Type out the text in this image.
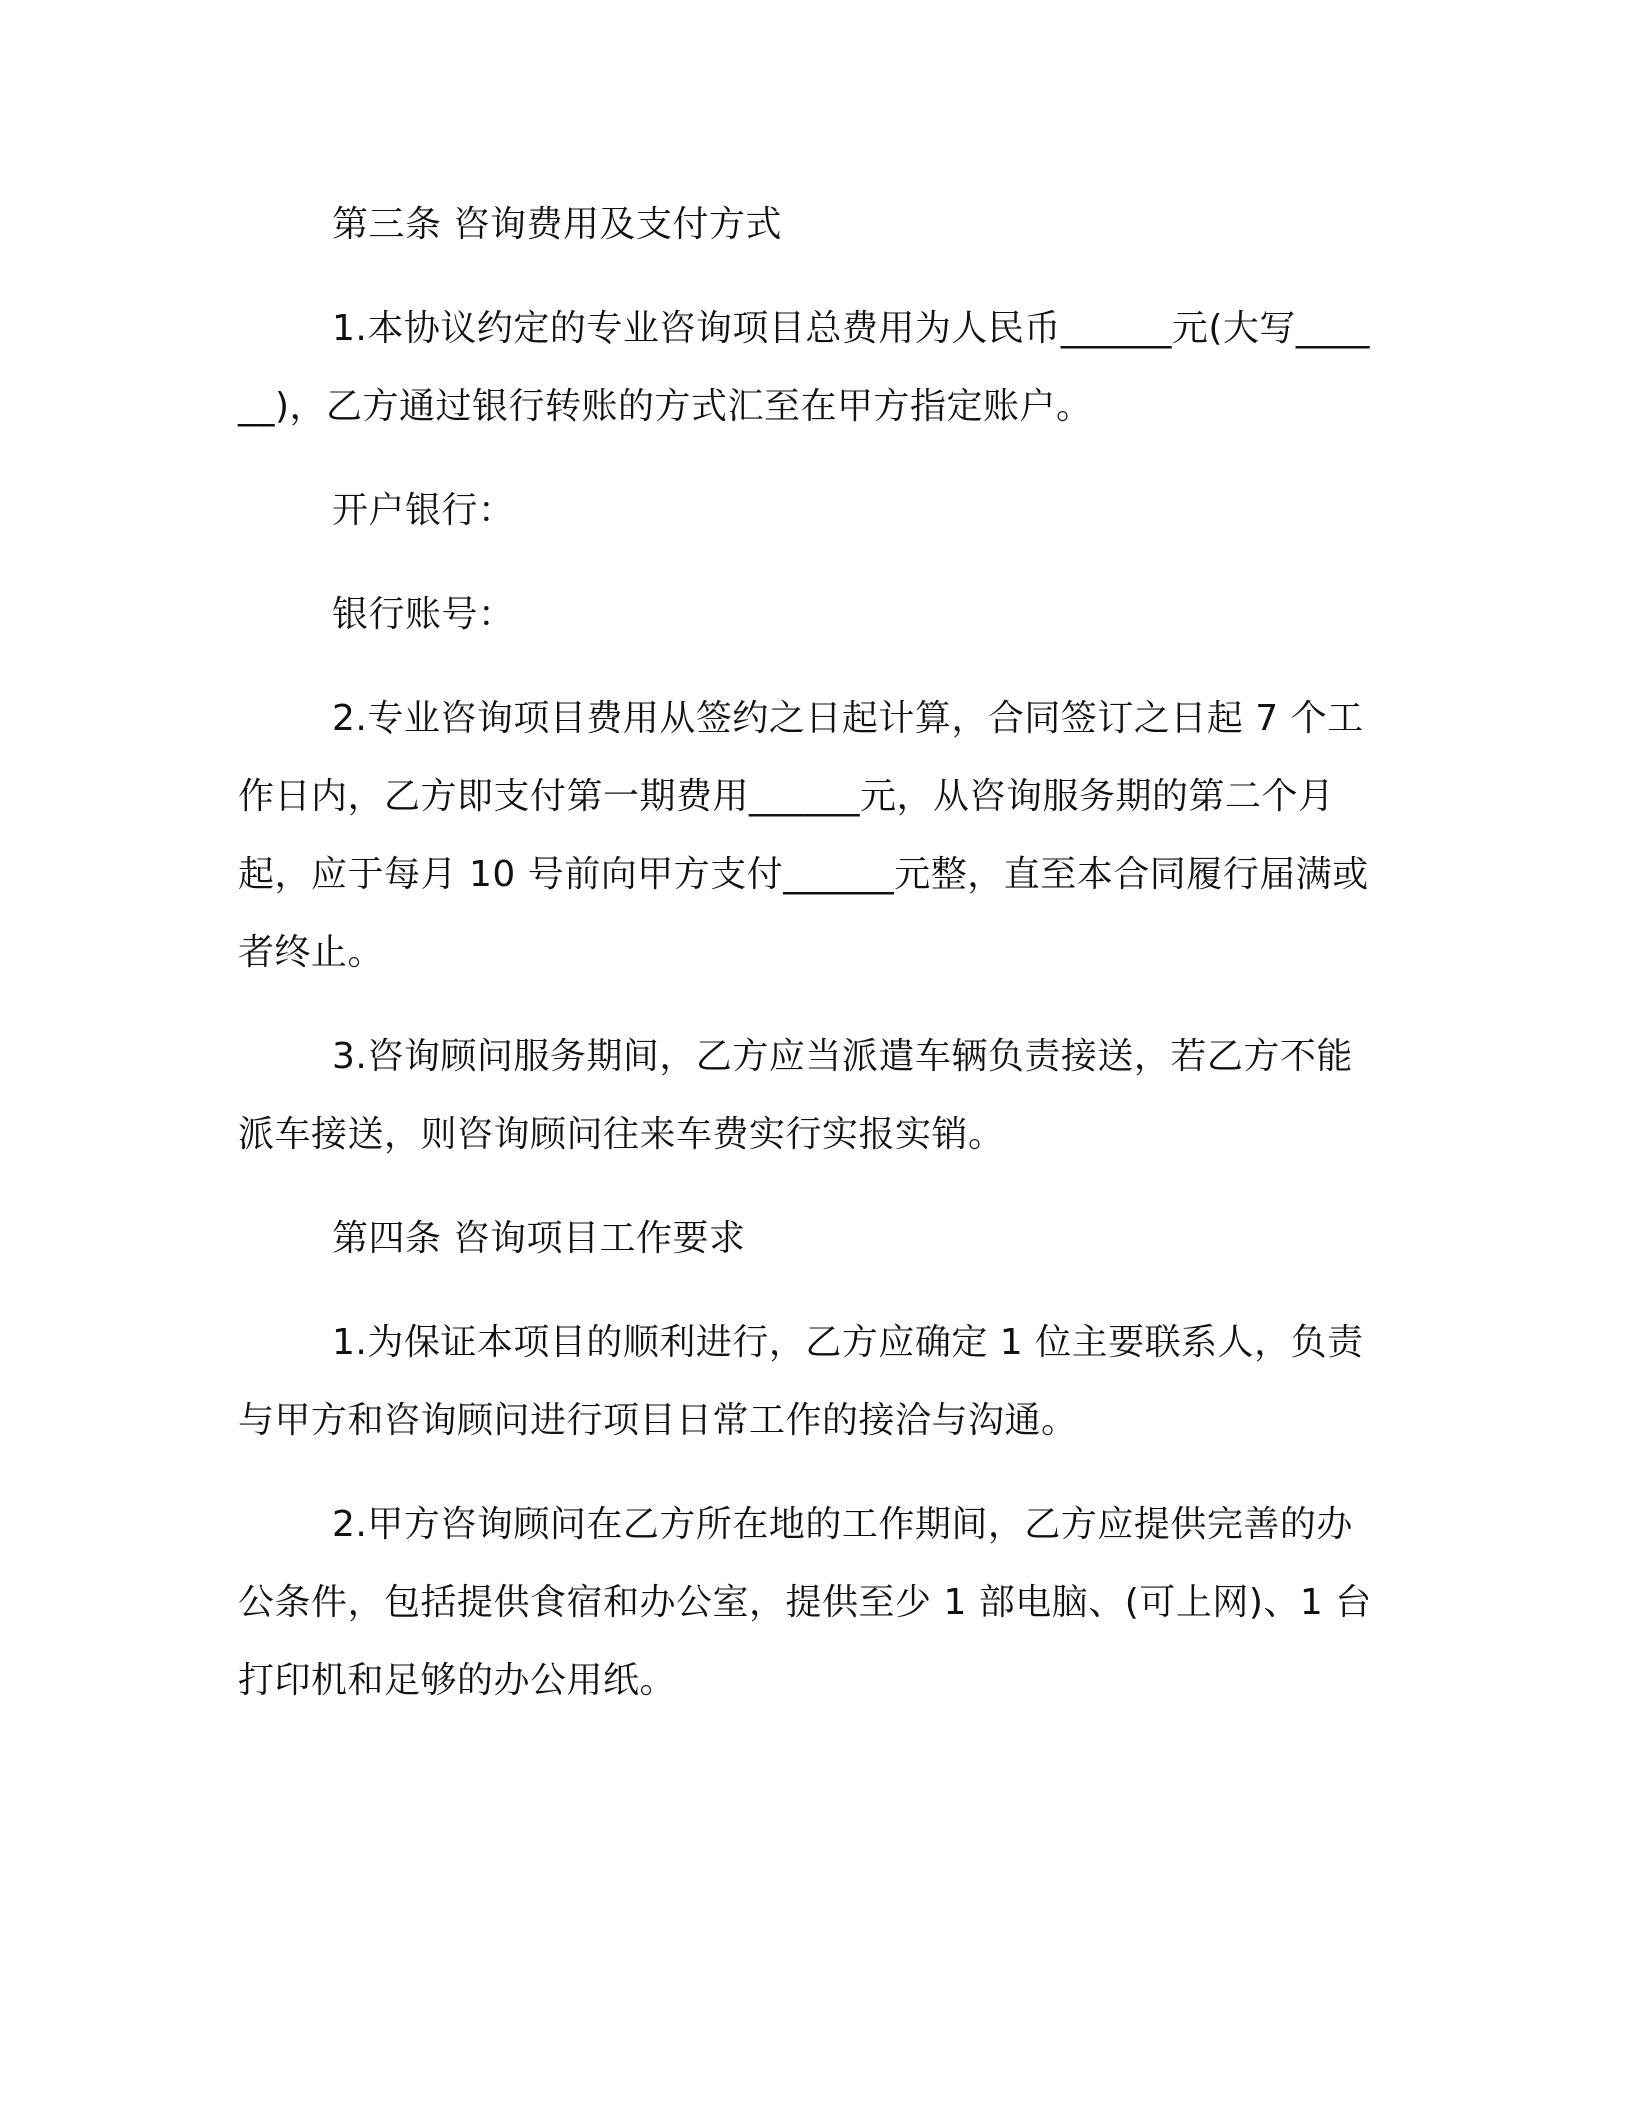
第三条 咨询费用及支付方式

1.本协议约定的专业咨询项目总费用为人民币______元(大写______)，乙方通过银行转账的方式汇至在甲方指定账户。

开户银行：

银行账号：

2.专业咨询项目费用从签约之日起计算，合同签订之日起 7 个工作日内，乙方即支付第一期费用______元，从咨询服务期的第二个月起，应于每月 10 号前向甲方支付______元整，直至本合同履行届满或者终止。

3.咨询顾问服务期间，乙方应当派遣车辆负责接送，若乙方不能派车接送，则咨询顾问往来车费实行实报实销。

第四条 咨询项目工作要求

1.为保证本项目的顺利进行，乙方应确定 1 位主要联系人，负责与甲方和咨询顾问进行项目日常工作的接洽与沟通。

2.甲方咨询顾问在乙方所在地的工作期间，乙方应提供完善的办公条件，包括提供食宿和办公室，提供至少 1 部电脑、(可上网)、1 台打印机和足够的办公用纸。
